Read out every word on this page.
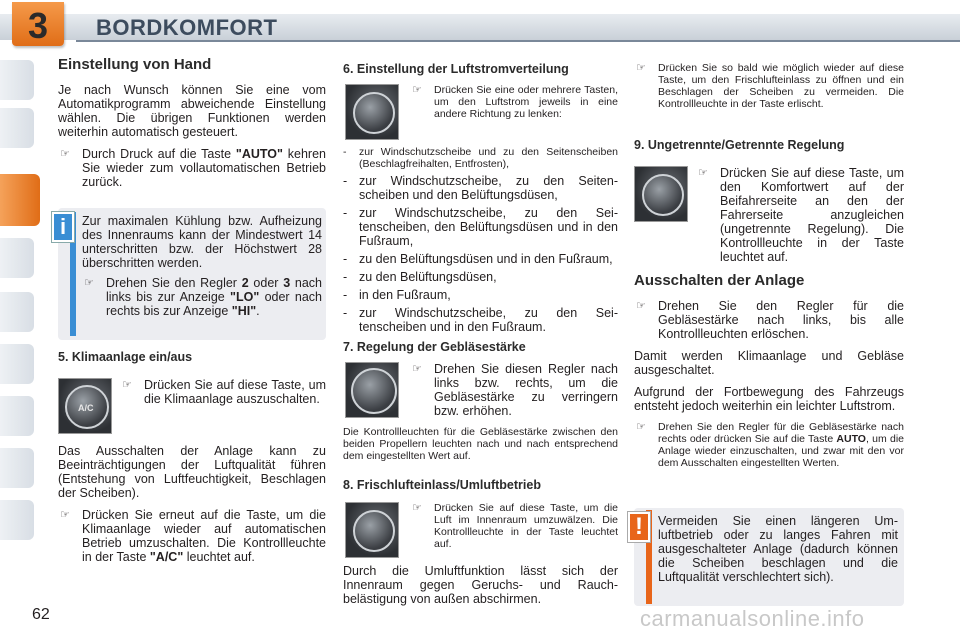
3	BORDKOMFORT
Einstellung von Hand

Je nach Wunsch können Sie eine vom Automatikprogramm abweichende Einstellung wählen. Die übrigen Funktionen werden weiterhin automatisch gesteuert.

☞ Durch Druck auf die Taste "AUTO" kehren Sie wieder zum vollautomatischen Betrieb zurück.
i	Zur maximalen Kühlung bzw. Aufheizung des Innenraums kann der Mindestwert 14 unterschritten bzw. der Höchstwert 28 überschritten werden.

☞ Drehen Sie den Regler 2 oder 3 nach links bis zur Anzeige "LO" oder nach rechts bis zur Anzeige "HI".
5. Klimaanlage ein/aus
A/C
☞ Drücken Sie auf diese Taste, um die Klimaanlage auszuschalten.

Das Ausschalten der Anlage kann zu Beeinträchtigungen der Luftqualität führen (Entstehung von Luftfeuchtigkeit, Beschlagen der Scheiben).

☞ Drücken Sie erneut auf die Taste, um die Klimaanlage wieder auf automatischen Betrieb umzuschalten. Die Kontrollleuchte in der Taste "A/C" leuchtet auf.
6. Einstellung der Luftstromverteilung
☞	Drücken Sie eine oder mehrere Tasten, um den Luftstrom jeweils in eine andere Richtung zu lenken:
-	zur Windschutzscheibe und zu den Seitenscheiben (Beschlagfreihalten, Entfrosten),
- zur Windschutzscheibe, zu den Seitenscheiben und den Belüftungsdüsen,
- zur Windschutzscheibe, zu den Seitenscheiben, den Belüftungsdüsen und in den Fußraum,
- zu den Belüftungsdüsen und in den Fußraum,
- zu den Belüftungsdüsen,
- in den Fußraum,
- zur Windschutzscheibe, zu den Seitenscheiben und in den Fußraum.
7. Regelung der Gebläsestärke
☞ Drehen Sie diesen Regler nach links bzw. rechts, um die Gebläsestärke zu verringern bzw. erhöhen.

Die Kontrollleuchten für die Gebläsestärke zwischen den beiden Propellern leuchten nach und nach entsprechend dem eingestellten Wert auf.

8. Frischlufteinlass/Umluftbetrieb
☞	Drücken Sie auf diese Taste, um die Luft im Innenraum umzuwälzen. Die Kontrollleuchte in der Taste leuchtet auf.

Durch die Umluftfunktion lässt sich der Innenraum gegen Geruchs- und Rauchbelästigung von außen abschirmen.

☞	Drücken Sie so bald wie möglich wieder auf diese Taste, um den Frischlufteinlass zu öffnen und ein Beschlagen der Scheiben zu vermeiden. Die Kontrollleuchte in der Taste erlischt.
9. Ungetrennte/Getrennte Regelung
☞ Drücken Sie auf diese Taste, um den Komfortwert auf der Beifahrerseite an den der Fahrerseite anzugleichen (ungetrennte Regelung). Die Kontrollleuchte in der Taste leuchtet auf.
Ausschalten der Anlage
☞ Drehen Sie den Regler für die Gebläsestärke nach links, bis alle Kontrollleuchten erlöschen.

Damit werden Klimaanlage und Gebläse ausgeschaltet.

Aufgrund der Fortbewegung des Fahrzeugs entsteht jedoch weiterhin ein leichter Luftstrom.

☞	Drehen Sie den Regler für die Gebläsestärke nach rechts oder drücken Sie auf die Taste AUTO, um die Anlage wieder einzuschalten, und zwar mit den vor dem Ausschalten eingestellten Werten.
!	Vermeiden Sie einen längeren Umluftbetrieb oder zu langes Fahren mit ausgeschalteter Anlage (dadurch können die Scheiben beschlagen und die Luftqualität verschlechtert sich).

62	carmanualsonline.info
